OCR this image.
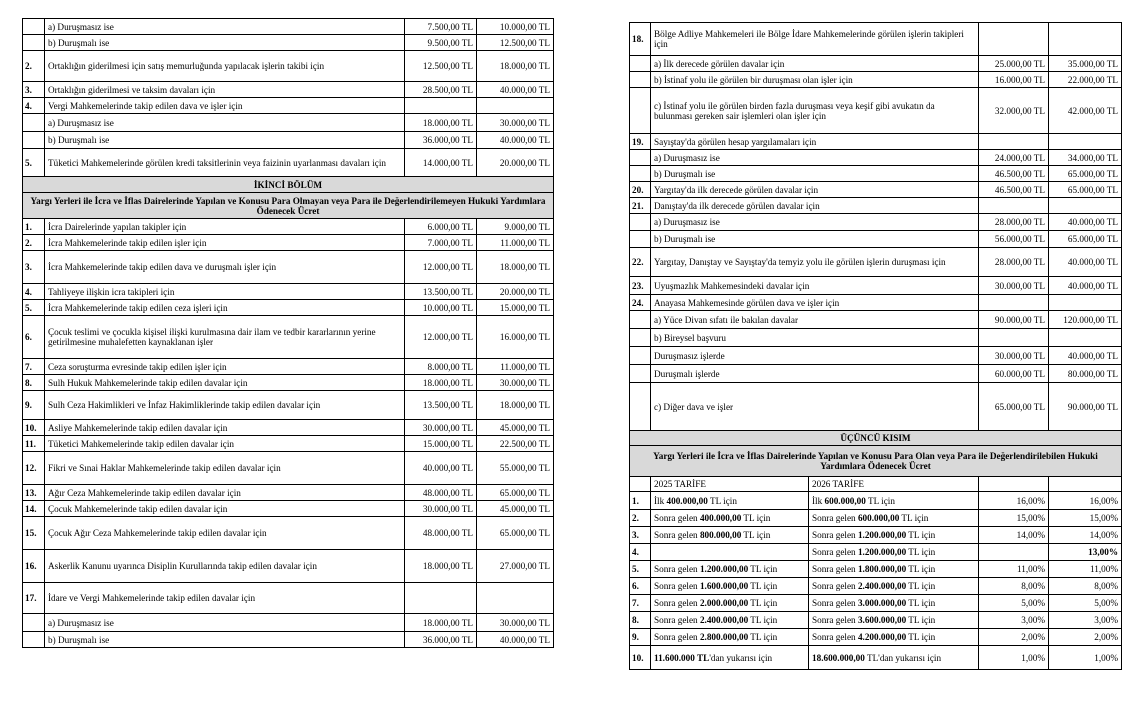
	a) Duruşmasız ise	7.500,00 TL	10.000,00 TL
	b) Duruşmalı ise	9.500,00 TL	12.500,00 TL
2.	Ortaklığın giderilmesi için satış memurluğunda yapılacak işlerin takibi için	12.500,00 TL	18.000,00 TL
3.	Ortaklığın giderilmesi ve taksim davaları için	28.500,00 TL	40.000,00 TL
4.	Vergi Mahkemelerinde takip edilen dava ve işler için		
	a) Duruşmasız ise	18.000,00 TL	30.000,00 TL
	b) Duruşmalı ise	36.000,00 TL	40.000,00 TL
5.	Tüketici Mahkemelerinde görülen kredi taksitlerinin veya faizinin uyarlanması davaları için	14.000,00 TL	20.000,00 TL
İKİNCİ BÖLÜM			
Yargı Yerleri ile İcra ve İflas Dairelerinde Yapılan ve Konusu Para Olmayan veya Para ile Değerlendirilemeyen Hukuki Yardımlara Ödenecek Ücret			
1.	İcra Dairelerinde yapılan takipler için	6.000,00 TL	9.000,00 TL
2.	İcra Mahkemelerinde takip edilen işler için	7.000,00 TL	11.000,00 TL
3.	İcra Mahkemelerinde takip edilen dava ve duruşmalı işler için	12.000,00 TL	18.000,00 TL
4.	Tahliyeye ilişkin icra takipleri için	13.500,00 TL	20.000,00 TL
5.	İcra Mahkemelerinde takip edilen ceza işleri için	10.000,00 TL	15.000,00 TL
6.	Çocuk teslimi ve çocukla kişisel ilişki kurulmasına dair ilam ve tedbir kararlarının yerine getirilmesine muhalefetten kaynaklanan işler	12.000,00 TL	16.000,00 TL
7.	Ceza soruşturma evresinde takip edilen işler için	8.000,00 TL	11.000,00 TL
8.	Sulh Hukuk Mahkemelerinde takip edilen davalar için	18.000,00 TL	30.000,00 TL
9.	Sulh Ceza Hakimlikleri ve İnfaz Hakimliklerinde takip edilen davalar için	13.500,00 TL	18.000,00 TL
10.	Asliye Mahkemelerinde takip edilen davalar için	30.000,00 TL	45.000,00 TL
11.	Tüketici Mahkemelerinde takip edilen davalar için	15.000,00 TL	22.500,00 TL
12.	Fikri ve Sınai Haklar Mahkemelerinde takip edilen davalar için	40.000,00 TL	55.000,00 TL
13.	Ağır Ceza Mahkemelerinde takip edilen davalar için	48.000,00 TL	65.000,00 TL
14.	Çocuk Mahkemelerinde takip edilen davalar için	30.000,00 TL	45.000,00 TL
15.	Çocuk Ağır Ceza Mahkemelerinde takip edilen davalar için	48.000,00 TL	65.000,00 TL
16.	Askerlik Kanunu uyarınca Disiplin Kurullarında takip edilen davalar için	18.000,00 TL	27.000,00 TL
17.	İdare ve Vergi Mahkemelerinde takip edilen davalar için		
	a) Duruşmasız ise	18.000,00 TL	30.000,00 TL
	b) Duruşmalı ise	36.000,00 TL	40.000,00 TL
18.	Bölge Adliye Mahkemeleri ile Bölge İdare Mahkemelerinde görülen işlerin takipleri için			
	a) İlk derecede görülen davalar için		25.000,00 TL	35.000,00 TL
	b) İstinaf yolu ile görülen bir duruşması olan işler için		16.000,00 TL	22.000,00 TL
	c) İstinaf yolu ile görülen birden fazla duruşması veya keşif gibi avukatın da bulunması gereken sair işlemleri olan işler için		32.000,00 TL	42.000,00 TL
19.	Sayıştay'da görülen hesap yargılamaları için			
	a) Duruşmasız ise		24.000,00 TL	34.000,00 TL
	b) Duruşmalı ise		46.500,00 TL	65.000,00 TL
20.	Yargıtay'da ilk derecede görülen davalar için		46.500,00 TL	65.000,00 TL
21.	Danıştay'da ilk derecede görülen davalar için			
	a) Duruşmasız ise		28.000,00 TL	40.000,00 TL
	b) Duruşmalı ise		56.000,00 TL	65.000,00 TL
22.	Yargıtay, Danıştay ve Sayıştay'da temyiz yolu ile görülen işlerin duruşması için		28.000,00 TL	40.000,00 TL
23.	Uyuşmazlık Mahkemesindeki davalar için		30.000,00 TL	40.000,00 TL
24.	Anayasa Mahkemesinde görülen dava ve işler için			
	a) Yüce Divan sıfatı ile bakılan davalar		90.000,00 TL	120.000,00 TL
	b) Bireysel başvuru			
	Duruşmasız işlerde		30.000,00 TL	40.000,00 TL
	Duruşmalı işlerde		60.000,00 TL	80.000,00 TL
	c) Diğer dava ve işler		65.000,00 TL	90.000,00 TL
ÜÇÜNCÜ KISIM				
Yargı Yerleri ile İcra ve İflas Dairelerinde Yapılan ve Konusu Para Olan veya Para ile Değerlendirilebilen Hukuki Yardımlara Ödenecek Ücret				
	2025 TARİFE	2026 TARİFE		
1.	İlk 400.000,00 TL için	İlk 600.000,00 TL için	16,00%	16,00%
2.	Sonra gelen 400.000,00 TL için	Sonra gelen 600.000,00 TL için	15,00%	15,00%
3.	Sonra gelen 800.000,00 TL için	Sonra gelen 1.200.000,00 TL için	14,00%	14,00%
4.		Sonra gelen 1.200.000,00 TL için		13,00%
5.	Sonra gelen 1.200.000,00 TL için	Sonra gelen 1.800.000,00 TL için	11,00%	11,00%
6.	Sonra gelen 1.600.000,00 TL için	Sonra gelen 2.400.000,00 TL için	8,00%	8,00%
7.	Sonra gelen 2.000.000,00 TL için	Sonra gelen 3.000.000,00 TL için	5,00%	5,00%
8.	Sonra gelen 2.400.000,00 TL için	Sonra gelen 3.600.000,00 TL için	3,00%	3,00%
9.	Sonra gelen 2.800.000,00 TL için	Sonra gelen 4.200.000,00 TL için	2,00%	2,00%
10.	11.600.000 TL'dan yukarısı için	18.600.000,00 TL'dan yukarısı için	1,00%	1,00%
